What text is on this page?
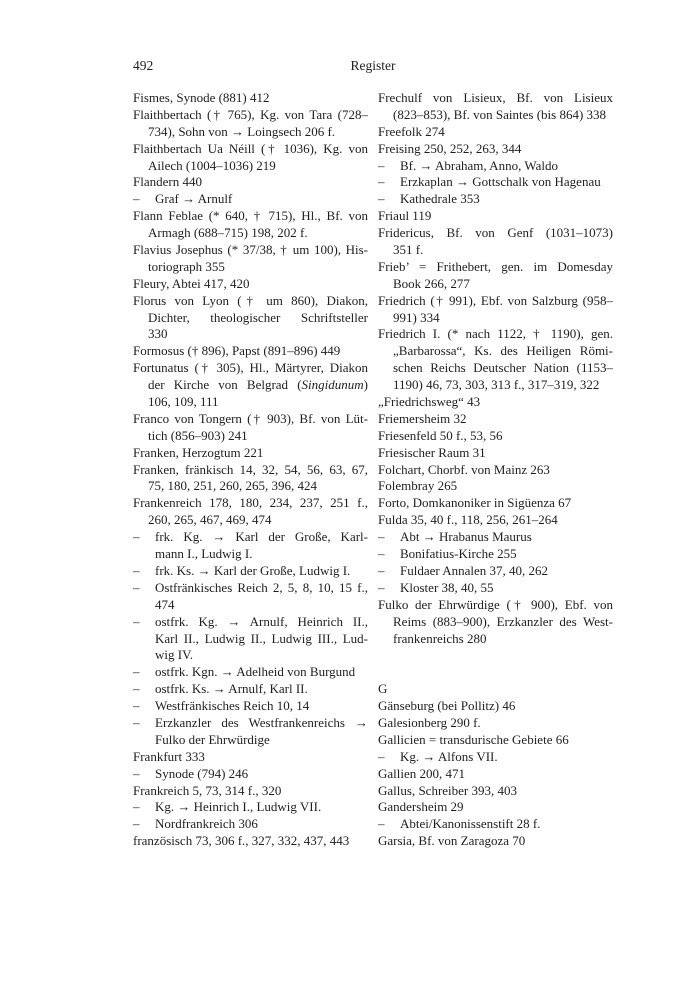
492	Register
Fismes, Synode (881) 412
Flaithbertach († 765), Kg. von Tara (728–
734), Sohn von → Loingsech 206 f.
Flaithbertach Ua Néill († 1036), Kg. von
Ailech (1004–1036) 219
Flandern 440
– Graf → Arnulf
Flann Feblae (* 640, † 715), Hl., Bf. von
Armagh (688–715) 198, 202 f.
Flavius Josephus (* 37/38, † um 100), His-
toriograph 355
Fleury, Abtei 417, 420
Florus von Lyon († um 860), Diakon,
Dichter, theologischer Schriftsteller
330
Formosus († 896), Papst (891–896) 449
Fortunatus († 305), Hl., Märtyrer, Diakon
der Kirche von Belgrad (Singidunum)
106, 109, 111
Franco von Tongern († 903), Bf. von Lüt-
tich (856–903) 241
Franken, Herzogtum 221
Franken, fränkisch 14, 32, 54, 56, 63, 67,
75, 180, 251, 260, 265, 396, 424
Frankenreich 178, 180, 234, 237, 251 f.,
260, 265, 467, 469, 474
– frk. Kg. → Karl der Große, Karl-
mann I., Ludwig I.
– frk. Ks. → Karl der Große, Ludwig I.
– Ostfränkisches Reich 2, 5, 8, 10, 15 f.,
474
– ostfrk. Kg. → Arnulf, Heinrich II.,
Karl II., Ludwig II., Ludwig III., Lud-
wig IV.
– ostfrk. Kgn. → Adelheid von Burgund
– ostfrk. Ks. → Arnulf, Karl II.
– Westfränkisches Reich 10, 14
– Erzkanzler des Westfrankenreichs →
Fulko der Ehrwürdige
Frankfurt 333
– Synode (794) 246
Frankreich 5, 73, 314 f., 320
– Kg. → Heinrich I., Ludwig VII.
– Nordfrankreich 306
französisch 73, 306 f., 327, 332, 437, 443
Frechulf von Lisieux, Bf. von Lisieux
(823–853), Bf. von Saintes (bis 864) 338
Freefolk 274
Freising 250, 252, 263, 344
– Bf. → Abraham, Anno, Waldo
– Erzkaplan → Gottschalk von Hagenau
– Kathedrale 353
Friaul 119
Fridericus, Bf. von Genf (1031–1073)
351 f.
Frieb’ = Frithebert, gen. im Domesday
Book 266, 277
Friedrich († 991), Ebf. von Salzburg (958–
991) 334
Friedrich I. (* nach 1122, † 1190), gen.
„Barbarossa“, Ks. des Heiligen Römi-
schen Reichs Deutscher Nation (1153–
1190) 46, 73, 303, 313 f., 317–319, 322
„Friedrichsweg“ 43
Friemersheim 32
Friesenfeld 50 f., 53, 56
Friesischer Raum 31
Folchart, Chorbf. von Mainz 263
Folembray 265
Forto, Domkanoniker in Sigüenza 67
Fulda 35, 40 f., 118, 256, 261–264
– Abt → Hrabanus Maurus
– Bonifatius-Kirche 255
– Fuldaer Annalen 37, 40, 262
– Kloster 38, 40, 55
Fulko der Ehrwürdige († 900), Ebf. von
Reims (883–900), Erzkanzler des West-
frankenreichs 280
G
Gänseburg (bei Pollitz) 46
Galesionberg 290 f.
Gallicien = transdurische Gebiete 66
– Kg. → Alfons VII.
Gallien 200, 471
Gallus, Schreiber 393, 403
Gandersheim 29
– Abtei/Kanonissenstift 28 f.
Garsia, Bf. von Zaragoza 70
